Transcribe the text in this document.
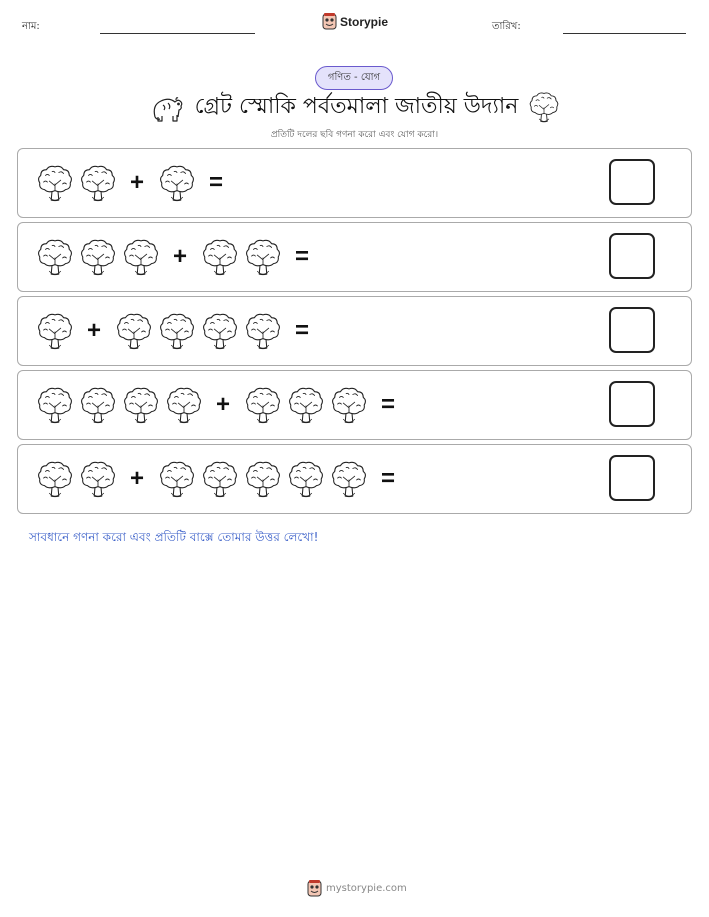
নাম:	Storypie	তারিখ:
গণিত - যোগ
গ্রেট স্মোকি পর্বতমালা জাতীয় উদ্যান
প্রতিটি দলের ছবি গণনা করো এবং যোগ করো।
+	=
+	=
+	=
+	=
+	=
সাবধানে গণনা করো এবং প্রতিটি বাক্সে তোমার উত্তর লেখো!
mystorypie.com
